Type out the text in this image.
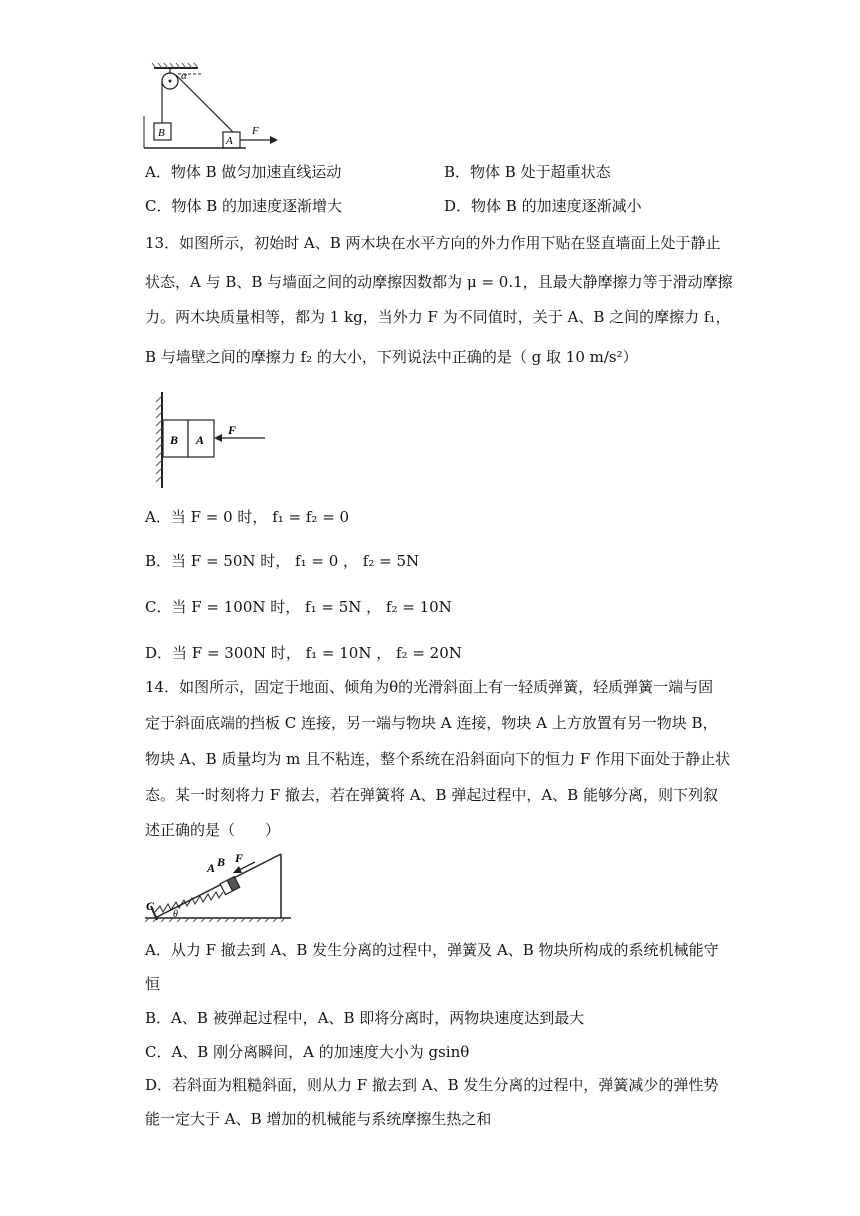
α
B
A
F
A．物体 B 做匀加速直线运动	B．物体 B 处于超重状态
C．物体 B 的加速度逐渐增大	D．物体 B 的加速度逐渐减小
13．如图所示，初始时 A、B 两木块在水平方向的外力作用下贴在竖直墙面上处于静止
状态，A 与 B、B 与墙面之间的动摩擦因数都为 μ = 0.1，且最大静摩擦力等于滑动摩擦
力。两木块质量相等，都为 1 kg，当外力 F 为不同值时，关于 A、B 之间的摩擦力 f₁，
B 与墙壁之间的摩擦力 f₂ 的大小，下列说法中正确的是（ g 取 10 m/s²）
B A
F
A．当 F = 0 时， f₁ = f₂ = 0
B．当 F = 50N 时， f₁ = 0 ， f₂ = 5N
C．当 F = 100N 时， f₁ = 5N ， f₂ = 10N
D．当 F = 300N 时， f₁ = 10N ， f₂ = 20N
14．如图所示，固定于地面、倾角为θ的光滑斜面上有一轻质弹簧，轻质弹簧一端与固
定于斜面底端的挡板 C 连接，另一端与物块 A 连接，物块 A 上方放置有另一物块 B，
物块 A、B 质量均为 m 且不粘连，整个系统在沿斜面向下的恒力 F 作用下面处于静止状
态。某一时刻将力 F 撤去，若在弹簧将 A、B 弹起过程中，A、B 能够分离，则下列叙
述正确的是（　　）
C
A B F
θ
A．从力 F 撤去到 A、B 发生分离的过程中，弹簧及 A、B 物块所构成的系统机械能守
恒
B．A、B 被弹起过程中，A、B 即将分离时，两物块速度达到最大
C．A、B 刚分离瞬间，A 的加速度大小为 gsinθ
D．若斜面为粗糙斜面，则从力 F 撤去到 A、B 发生分离的过程中，弹簧减少的弹性势
能一定大于 A、B 增加的机械能与系统摩擦生热之和
